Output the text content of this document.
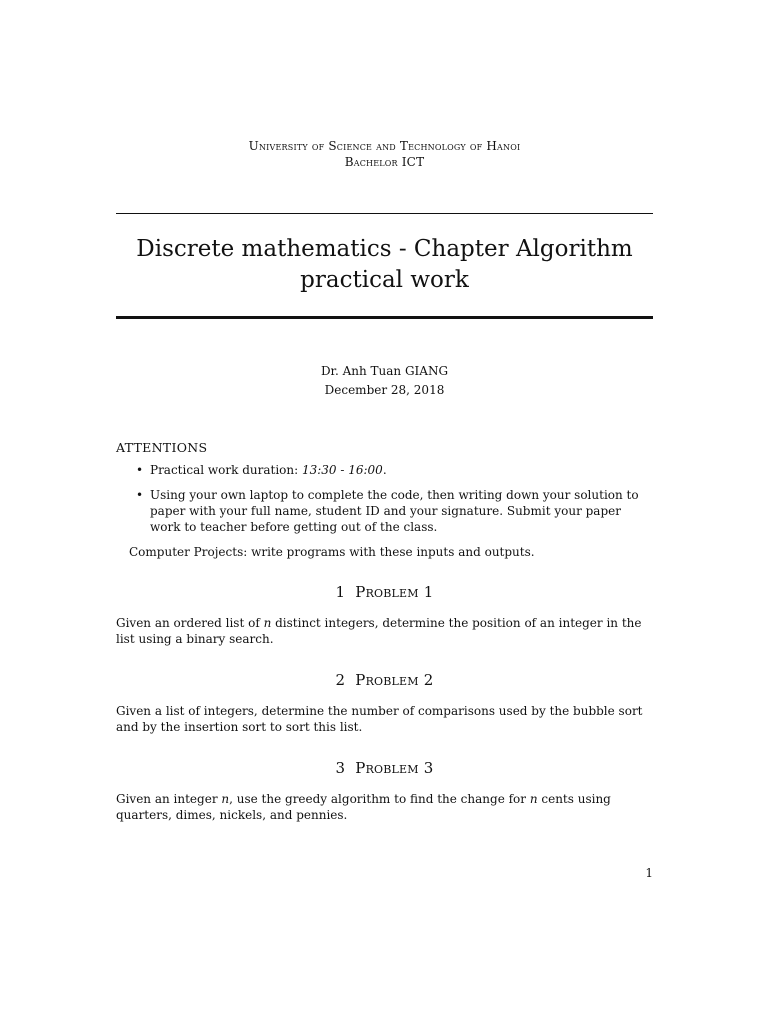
University of Science and Technology of Hanoi
Bachelor ICT
Discrete mathematics - Chapter Algorithm
practical work
Dr. Anh Tuan GIANG
December 28, 2018
ATTENTIONS
• Practical work duration: 13:30 - 16:00.
• Using your own laptop to complete the code, then writing down your solution to paper with your full name, student ID and your signature. Submit your paper work to teacher before getting out of the class.
Computer Projects: write programs with these inputs and outputs.
1 Problem 1
Given an ordered list of n distinct integers, determine the position of an integer in the list using a binary search.
2 Problem 2
Given a list of integers, determine the number of comparisons used by the bubble sort and by the insertion sort to sort this list.
3 Problem 3
Given an integer n, use the greedy algorithm to find the change for n cents using quarters, dimes, nickels, and pennies.
1
